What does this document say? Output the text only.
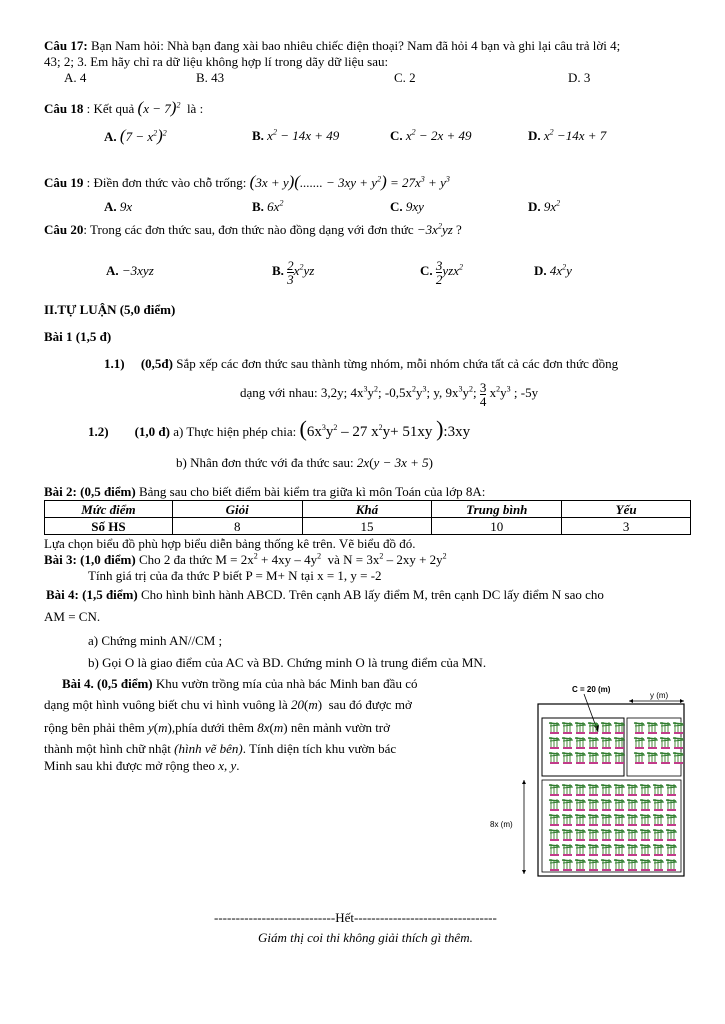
Câu 17: Bạn Nam hỏi: Nhà bạn đang xài bao nhiêu chiếc điện thoại? Nam đã hỏi 4 bạn và ghi lại câu trả lời 4;
43; 2; 3. Em hãy chỉ ra dữ liệu không hợp lí trong dãy dữ liệu sau:
A. 4	B. 43	C. 2	D. 3
Câu 18 : Kết quả $(x - 7)^2$ là :
A. $(7 - x^2)^2$	B. $x^2 - 14x + 49$	C. $x^2 - 2x + 49$	D. $x^2 -14x + 7$
Câu 19 : Điền đơn thức vào chỗ trống: (3x + y)(....... − $3xy + y^2) = 27x^3 + y^3$
A. 9x	B. $6x^2$	C. 9xy	D. $9x^2$
Câu 20: Trong các đơn thức sau, đơn thức nào đồng dạng với đơn thức $-3x^2yz$ ?
A. −3xyz	B. $\frac{2}{3} x^2yz$	C. $\frac{3}{2} yzx^2$	D. $4x^2y$
II.TỰ LUẬN (5,0 điểm)
Bài 1 (1,5 đ)
1.1) (0,5đ) Sắp xếp các đơn thức sau thành từng nhóm, mỗi nhóm chứa tất cả các đơn thức đồng
dạng với nhau: 3,2y; $4x^3y^2$; $-0,5x^2y^3$; y, $9x^3y^2$; $\frac{3}{4} x^2y^3$ ; -5y
1.2) (1,0 đ) a) Thực hiện phép chia: ($6x^3y^2 - 27$ $x^2y+ 51xy$ ):3xy
b) Nhân đơn thức với đa thức sau: 2x(y − 3x + 5)
Bài 2: (0,5 điểm) Bảng sau cho biết điểm bài kiểm tra giữa kì môn Toán của lớp 8A:
Mức điểm	Giỏi	Khá	Trung bình	Yếu
Số HS	8	15	10	3
Lựa chọn biểu đồ phù hợp biểu diễn bảng thống kê trên. Vẽ biểu đồ đó.
Bài 3: (1,0 điểm) Cho 2 đa thức $M = 2x^2 + 4xy - 4y^2$  và $N = 3x^2 - 2xy + 2y^2$
Tính giá trị của đa thức P biết P = M+ N tại x = 1, y = -2
Bài 4: (1,5 điểm) Cho hình bình hành ABCD. Trên cạnh AB lấy điểm M, trên cạnh DC lấy điểm N sao cho
AM = CN.
a) Chứng minh AN//CM ;
b) Gọi O là giao điểm của AC và BD. Chứng minh O là trung điểm của MN.
Bài 4. (0,5 điểm) Khu vườn trồng mía của nhà bác Minh ban đầu có
dạng một hình vuông biết chu vi hình vuông là 20(m) sau đó được mở
rộng bên phải thêm y(m),phía dưới thêm 8x(m) nên mảnh vườn trở
thành một hình chữ nhật (hình vẽ bên). Tính diện tích khu vườn bác
Minh sau khi được mở rộng theo x, y.
C = 20 (m)
y (m)
8x (m)
----------------------------Hết---------------------------------
Giám thị coi thi không giải thích gì thêm.
